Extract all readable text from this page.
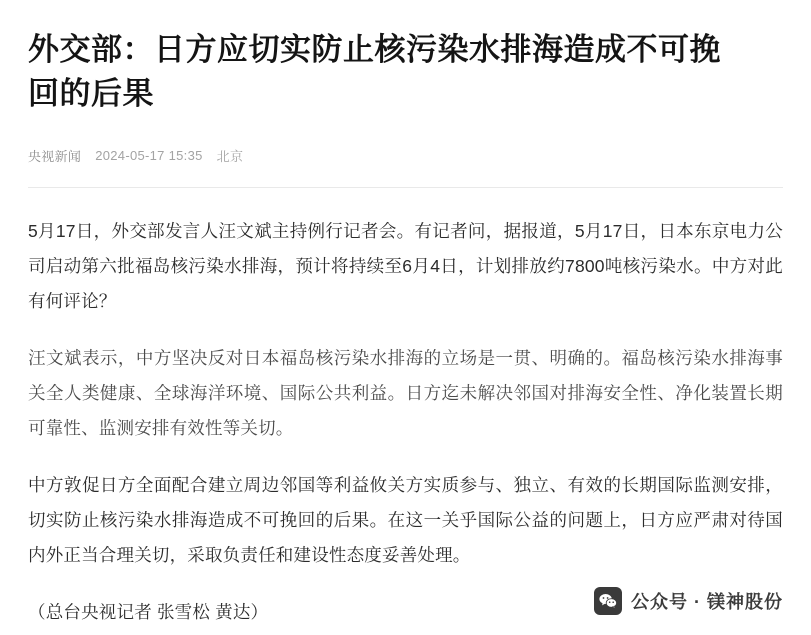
外交部：日方应切实防止核污染水排海造成不可挽回的后果
央视新闻 2024-05-17 15:35 北京

5月17日，外交部发言人汪文斌主持例行记者会。有记者问，据报道，5月17日，日本东京电力公司启动第六批福岛核污染水排海，预计将持续至6月4日，计划排放约7800吨核污染水。中方对此有何评论？

汪文斌表示，中方坚决反对日本福岛核污染水排海的立场是一贯、明确的。福岛核污染水排海事关全人类健康、全球海洋环境、国际公共利益。日方迄未解决邻国对排海安全性、净化装置长期可靠性、监测安排有效性等关切。

中方敦促日方全面配合建立周边邻国等利益攸关方实质参与、独立、有效的长期国际监测安排，切实防止核污染水排海造成不可挽回的后果。在这一关乎国际公益的问题上，日方应严肃对待国内外正当合理关切，采取负责任和建设性态度妥善处理。

（总台央视记者 张雪松 黄达）
公众号 · 镁神股份
